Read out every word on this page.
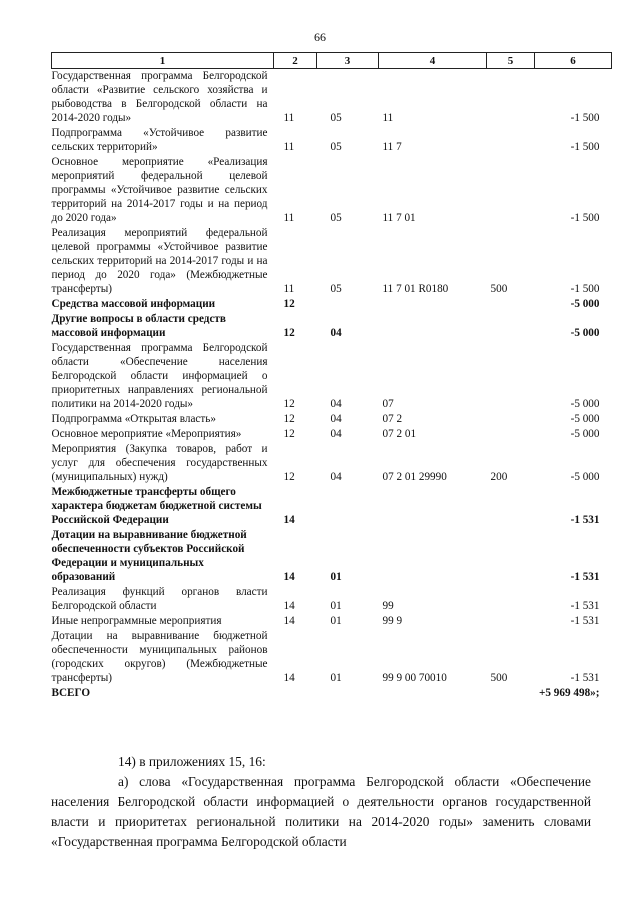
66
1	2	3	4	5	6
Государственная программа Белгородской области «Развитие сельского хозяйства и рыбоводства в Белгородской области на 2014-2020 годы»	11	05	11		-1 500
Подпрограмма «Устойчивое развитие сельских территорий»	11	05	11 7		-1 500
Основное мероприятие «Реализация мероприятий федеральной целевой программы «Устойчивое развитие сельских территорий на 2014-2017 годы и на период до 2020 года»	11	05	11 7 01		-1 500
Реализация мероприятий федеральной целевой программы «Устойчивое развитие сельских территорий на 2014-2017 годы и на период до 2020 года» (Межбюджетные трансферты)	11	05	11 7 01 R0180	500	-1 500
Средства массовой информации	12				-5 000
Другие вопросы в области средств массовой информации	12	04			-5 000
Государственная программа Белгородской области «Обеспечение населения Белгородской области информацией о приоритетных направлениях региональной политики на 2014-2020 годы»	12	04	07		-5 000
Подпрограмма «Открытая власть»	12	04	07 2		-5 000
Основное мероприятие «Мероприятия»	12	04	07 2 01		-5 000
Мероприятия (Закупка товаров, работ и услуг для обеспечения государственных (муниципальных) нужд)	12	04	07 2 01 29990	200	-5 000
Межбюджетные трансферты общего характера бюджетам бюджетной системы Российской Федерации	14				-1 531
Дотации на выравнивание бюджетной обеспеченности субъектов Российской Федерации и муниципальных образований	14	01			-1 531
Реализация функций органов власти Белгородской области	14	01	99		-1 531
Иные непрограммные мероприятия	14	01	99 9		-1 531
Дотации на выравнивание бюджетной обеспеченности муниципальных районов (городских округов) (Межбюджетные трансферты)	14	01	99 9 00 70010	500	-1 531
ВСЕГО					+5 969 498»;
14) в приложениях 15, 16:
а) слова «Государственная программа Белгородской области «Обеспечение населения Белгородской области информацией о деятельности органов государственной власти и приоритетах региональной политики на 2014-2020 годы» заменить словами «Государственная программа Белгородской области
